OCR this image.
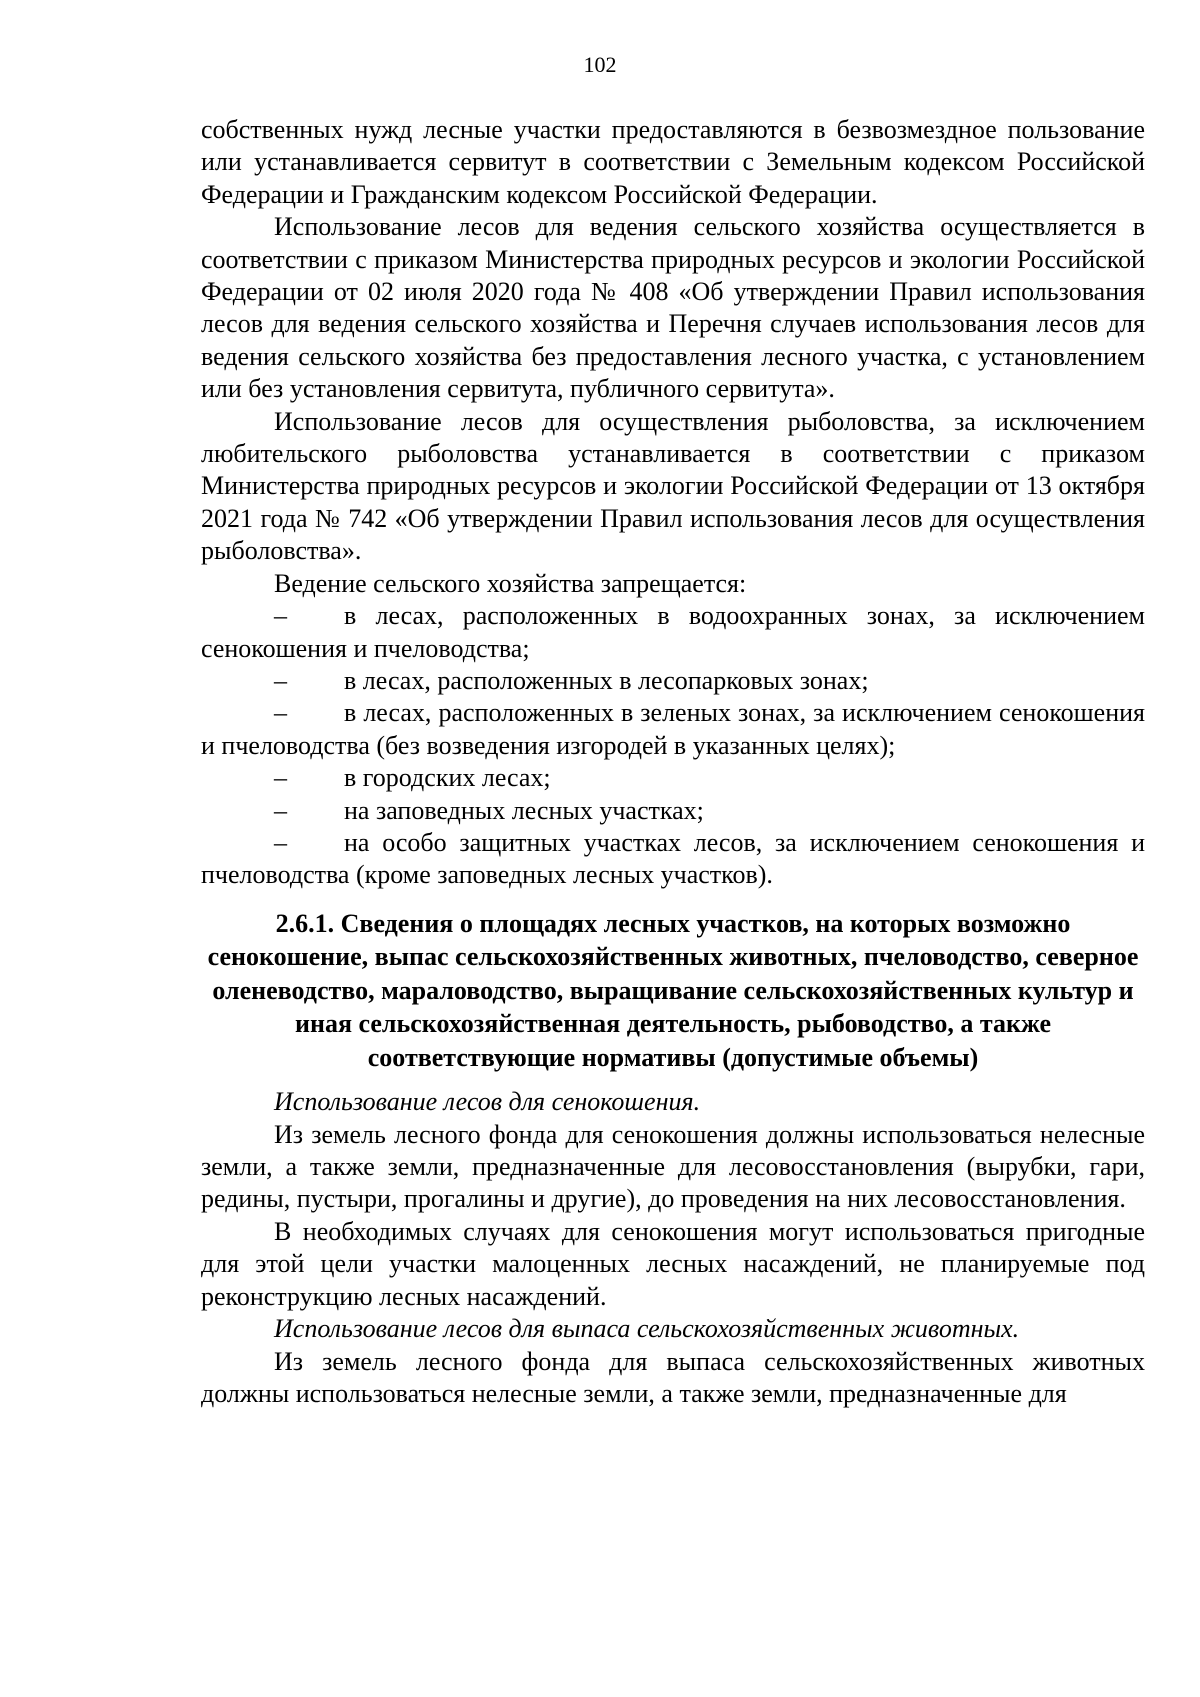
102

собственных нужд лесные участки предоставляются в безвозмездное пользование или устанавливается сервитут в соответствии с Земельным кодексом Российской Федерации и Гражданским кодексом Российской Федерации.

Использование лесов для ведения сельского хозяйства осуществляется в соответствии с приказом Министерства природных ресурсов и экологии Российской Федерации от 02 июля 2020 года № 408 «Об утверждении Правил использования лесов для ведения сельского хозяйства и Перечня случаев использования лесов для ведения сельского хозяйства без предоставления лесного участка, с установлением или без установления сервитута, публичного сервитута».

Использование лесов для осуществления рыболовства, за исключением любительского рыболовства устанавливается в соответствии с приказом Министерства природных ресурсов и экологии Российской Федерации от 13 октября 2021 года № 742 «Об утверждении Правил использования лесов для осуществления рыболовства».

Ведение сельского хозяйства запрещается:

–	в лесах, расположенных в водоохранных зонах, за исключением сенокошения и пчеловодства;

–	в лесах, расположенных в лесопарковых зонах;

–	в лесах, расположенных в зеленых зонах, за исключением сенокошения и пчеловодства (без возведения изгородей в указанных целях);

–	в городских лесах;

–	на заповедных лесных участках;

–	на особо защитных участках лесов, за исключением сенокошения и пчеловодства (кроме заповедных лесных участков).

2.6.1. Сведения о площадях лесных участков, на которых возможно сенокошение, выпас сельскохозяйственных животных, пчеловодство, северное оленеводство, мараловодство, выращивание сельскохозяйственных культур и иная сельскохозяйственная деятельность, рыбоводство, а также соответствующие нормативы (допустимые объемы)

Использование лесов для сенокошения.

Из земель лесного фонда для сенокошения должны использоваться нелесные земли, а также земли, предназначенные для лесовосстановления (вырубки, гари, редины, пустыри, прогалины и другие), до проведения на них лесовосстановления.

В необходимых случаях для сенокошения могут использоваться пригодные для этой цели участки малоценных лесных насаждений, не планируемые под реконструкцию лесных насаждений.

Использование лесов для выпаса сельскохозяйственных животных.

Из земель лесного фонда для выпаса сельскохозяйственных животных должны использоваться нелесные земли, а также земли, предназначенные для
